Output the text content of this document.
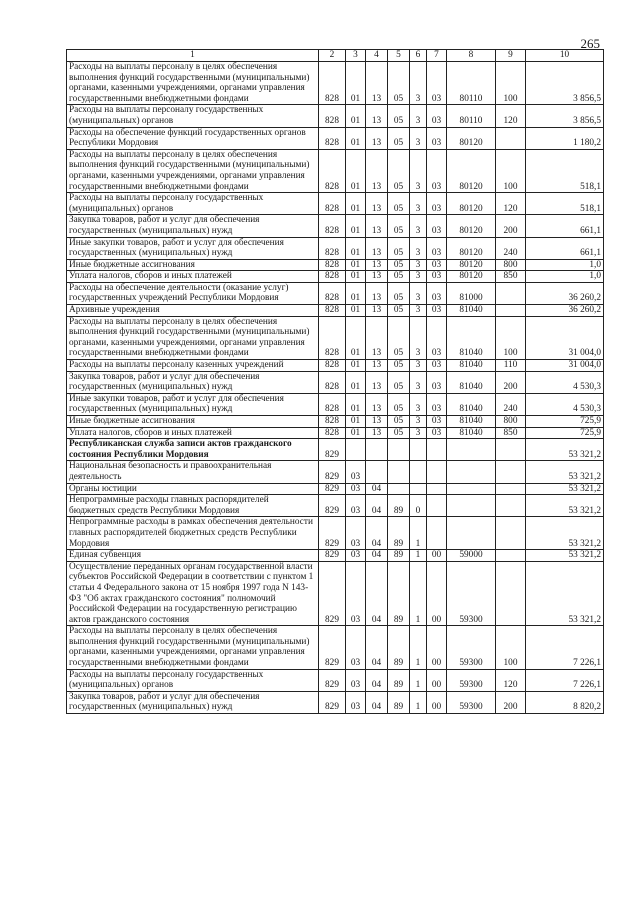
265
1	2	3	4	5	6	7	8	9	10
Расходы на выплаты персоналу в целях обеспечения выполнения функций государственными (муниципальными) органами, казенными учреждениями, органами управления государственными внебюджетными фондами	828	01	13	05	3	03	80110	100	3 856,5
Расходы на выплаты персоналу государственных (муниципальных) органов	828	01	13	05	3	03	80110	120	3 856,5
Расходы на обеспечение функций государственных органов Республики Мордовия	828	01	13	05	3	03	80120		1 180,2
Расходы на выплаты персоналу в целях обеспечения выполнения функций государственными (муниципальными) органами, казенными учреждениями, органами управления государственными внебюджетными фондами	828	01	13	05	3	03	80120	100	518,1
Расходы на выплаты персоналу государственных (муниципальных) органов	828	01	13	05	3	03	80120	120	518,1
Закупка товаров, работ и услуг для обеспечения государственных (муниципальных) нужд	828	01	13	05	3	03	80120	200	661,1
Иные закупки товаров, работ и услуг для обеспечения государственных (муниципальных) нужд	828	01	13	05	3	03	80120	240	661,1
Иные бюджетные ассигнования	828	01	13	05	3	03	80120	800	1,0
Уплата налогов, сборов и иных платежей	828	01	13	05	3	03	80120	850	1,0
Расходы на обеспечение деятельности (оказание услуг) государственных учреждений Республики Мордовия	828	01	13	05	3	03	81000		36 260,2
Архивные учреждения	828	01	13	05	3	03	81040		36 260,2
Расходы на выплаты персоналу в целях обеспечения выполнения функций государственными (муниципальными) органами, казенными учреждениями, органами управления государственными внебюджетными фондами	828	01	13	05	3	03	81040	100	31 004,0
Расходы на выплаты персоналу казенных учреждений	828	01	13	05	3	03	81040	110	31 004,0
Закупка товаров, работ и услуг для обеспечения государственных (муниципальных) нужд	828	01	13	05	3	03	81040	200	4 530,3
Иные закупки товаров, работ и услуг для обеспечения государственных (муниципальных) нужд	828	01	13	05	3	03	81040	240	4 530,3
Иные бюджетные ассигнования	828	01	13	05	3	03	81040	800	725,9
Уплата налогов, сборов и иных платежей	828	01	13	05	3	03	81040	850	725,9
Республиканская служба записи актов гражданского состояния Республики Мордовия	829								53 321,2
Национальная безопасность и правоохранительная деятельность	829	03							53 321,2
Органы юстиции	829	03	04						53 321,2
Непрограммные расходы главных распорядителей бюджетных средств Республики Мордовия	829	03	04	89	0				53 321,2
Непрограммные расходы в рамках обеспечения деятельности главных распорядителей бюджетных средств Республики Мордовия	829	03	04	89	1				53 321,2
Единая субвенция	829	03	04	89	1	00	59000		53 321,2
Осуществление переданных органам государственной власти субъектов Российской Федерации в соответствии с пунктом 1 статьи 4 Федерального закона от 15 ноября 1997 года N 143-ФЗ "Об актах гражданского состояния" полномочий Российской Федерации на государственную регистрацию актов гражданского состояния	829	03	04	89	1	00	59300		53 321,2
Расходы на выплаты персоналу в целях обеспечения выполнения функций государственными (муниципальными) органами, казенными учреждениями, органами управления государственными внебюджетными фондами	829	03	04	89	1	00	59300	100	7 226,1
Расходы на выплаты персоналу государственных (муниципальных) органов	829	03	04	89	1	00	59300	120	7 226,1
Закупка товаров, работ и услуг для обеспечения государственных (муниципальных) нужд	829	03	04	89	1	00	59300	200	8 820,2
